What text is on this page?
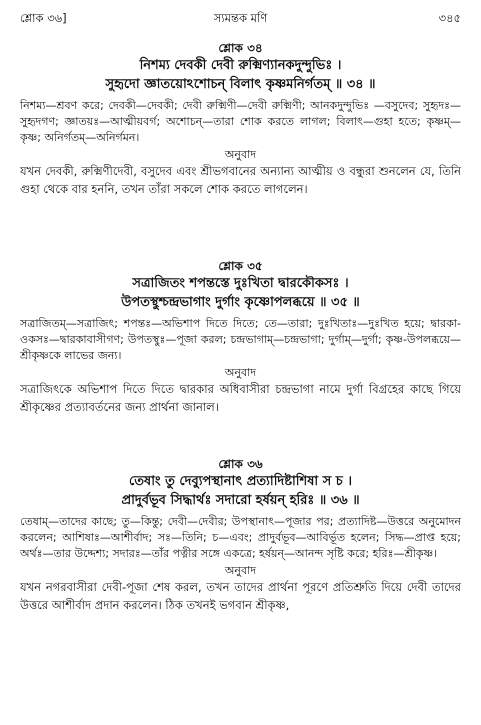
শ্লোক ৩৬]	স্যমন্তক মণি	৩৪৫
শ্লোক ৩৪
নিশম্য দেবকী দেবী রুক্মিণ্যানকদুন্দুভিঃ ।
সুহৃদো জ্ঞাতয়োঽশোচন্ বিলাৎ কৃষ্ণমনির্গতম্ ॥ ৩৪ ॥
নিশম্য—শ্রবণ করে; দেবকী—দেবকী; দেবী রুক্মিণী—দেবী রুক্মিণী; আনকদুন্দুভিঃ —বসুদেব; সুহৃদঃ—সুহৃদগণ; জ্ঞাতয়ঃ—আত্মীয়বর্গ; অশোচন্—তারা শোক করতে লাগল; বিলাৎ—গুহা হতে; কৃষ্ণম্—কৃষ্ণ; অনির্গতম্—অনির্গমন।
অনুবাদ
যখন দেবকী, রুক্মিণীদেবী, বসুদেব এবং শ্রীভগবানের অন্যান্য আত্মীয় ও বন্ধুরা শুনলেন যে, তিনি গুহা থেকে বার হননি, তখন তাঁরা সকলে শোক করতে লাগলেন।
শ্লোক ৩৫
সত্রাজিতং শপন্তস্তে দুঃখিতা দ্বারকৌকসঃ ।
উপতস্থুশ্চন্দ্রভাগাং দুর্গাং কৃষ্ণোপলব্ধয়ে ॥ ৩৫ ॥
সত্রাজিতম্—সত্রাজিৎ; শপন্তঃ—অভিশাপ দিতে দিতে; তে—তারা; দুঃখিতাঃ—দুঃখিত হয়ে; দ্বারকা-ওকসঃ—দ্বারকাবাসীগণ; উপতস্থুঃ—পূজা করল; চন্দ্রভাগাম্—চন্দ্রভাগা; দুর্গাম্—দুর্গা; কৃষ্ণ-উপলব্ধয়ে—শ্রীকৃষ্ণকে লাভের জন্য।
অনুবাদ
সত্রাজিৎকে অভিশাপ দিতে দিতে দ্বারকার অধিবাসীরা চন্দ্রভাগা নামে দুর্গা বিগ্রহের কাছে গিয়ে শ্রীকৃষ্ণের প্রত্যাবর্তনের জন্য প্রার্থনা জানাল।
শ্লোক ৩৬
তেষাং তু দেব্যুপস্থানাৎ প্রত্যাদিষ্টাশিষা স চ ।
প্রাদুর্বভূব সিদ্ধার্থঃ সদারো হর্ষয়ন্ হরিঃ ॥ ৩৬ ॥
তেষাম্—তাদের কাছে; তু—কিন্তু; দেবী—দেবীর; উপস্থানাৎ—পূজার পর; প্রত্যাদিষ্ট—উত্তরে অনুমোদন করলেন; আশিষাঃ—আশীর্বাদ; সঃ—তিনি; চ—এবং; প্রাদুর্বভূব—আবির্ভূত হলেন; সিদ্ধ—প্রাপ্ত হয়ে; অর্থঃ—তার উদ্দেশ্য; সদারঃ—তাঁর পত্নীর সঙ্গে একত্রে; হর্ষয়ন্—আনন্দ সৃষ্টি করে; হরিঃ—শ্রীকৃষ্ণ।
অনুবাদ
যখন নগরবাসীরা দেবী-পূজা শেষ করল, তখন তাদের প্রার্থনা পূরণে প্রতিশ্রুতি দিয়ে দেবী তাদের উত্তরে আশীর্বাদ প্রদান করলেন। ঠিক তখনই ভগবান শ্রীকৃষ্ণ,
